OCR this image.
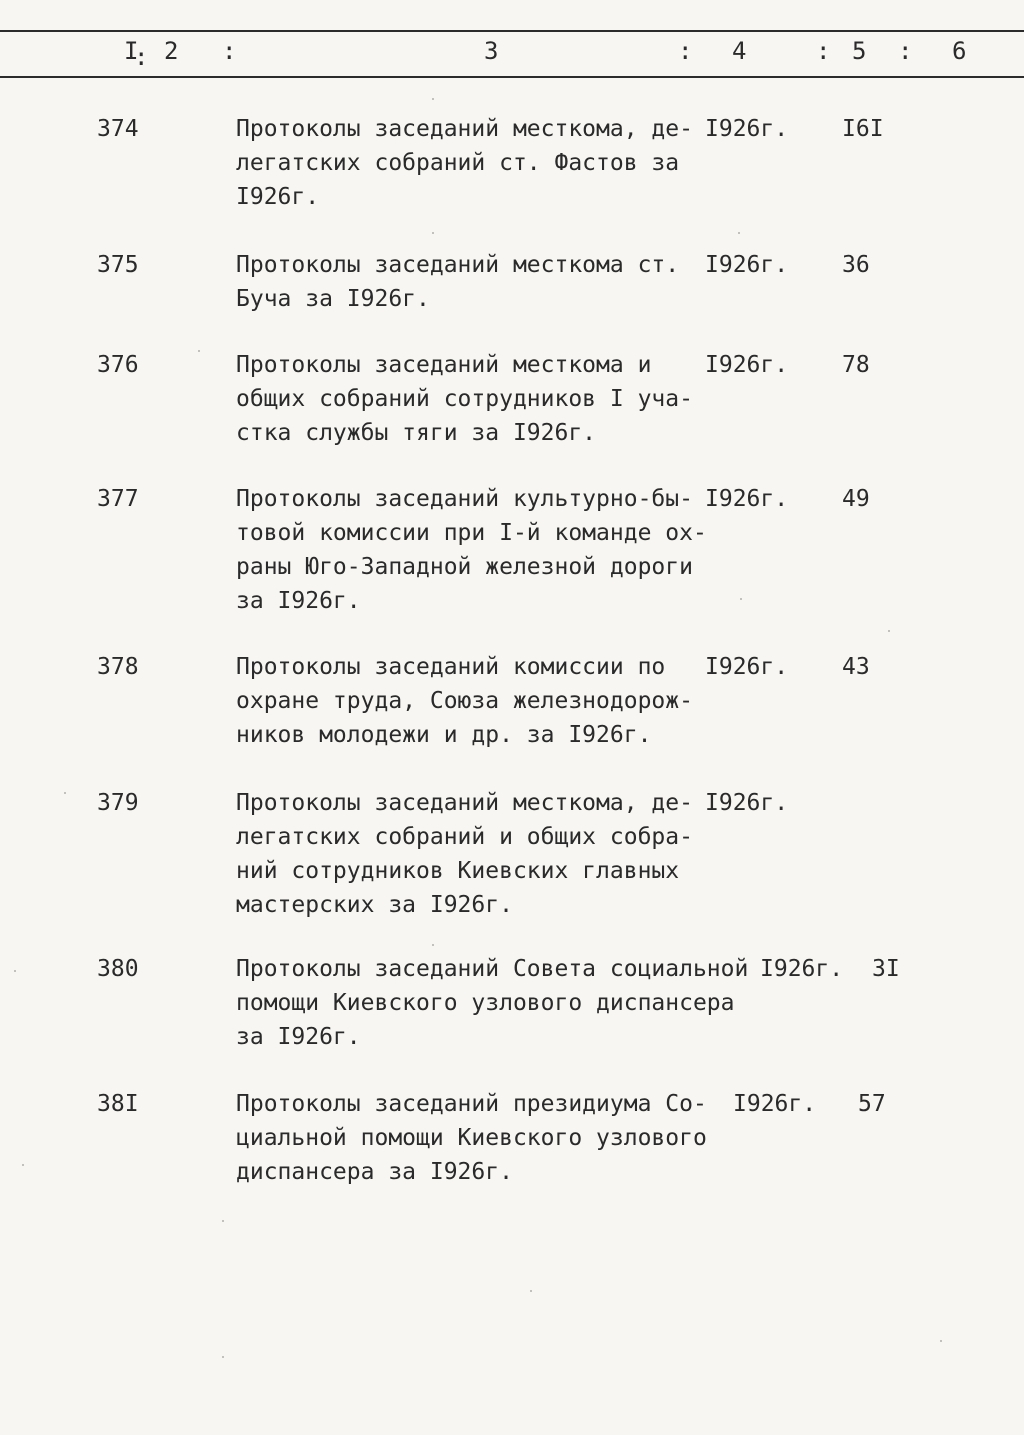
I
: 2 :	3	: 4	: 5 : 6
374	Протоколы заседаний месткома, де-
легатских собраний ст. Фастов за
I926г.
I926г. I6I
375	Протоколы заседаний месткома ст.
Буча за I926г.
I926г. 36
376	Протоколы заседаний месткома и
общих собраний сотрудников I уча-
стка службы тяги за I926г.
I926г. 78
377	Протоколы заседаний культурно-бы-
товой комиссии при I-й команде ох-
раны Юго-Западной железной дороги
за I926г.
I926г. 49
378	Протоколы заседаний комиссии по
охране труда, Союза железнодорож-
ников молодежи и др. за I926г.
I926г. 43
379	Протоколы заседаний месткома, де-
легатских собраний и общих собра-
ний сотрудников Киевских главных
мастерских за I926г.
I926г.
380	Протоколы заседаний Совета социальной
помощи Киевского узлового диспансера
за I926г.
I926г. 3I
38I	Протоколы заседаний президиума Со-
циальной помощи Киевского узлового
диспансера за I926г.
I926г. 57
